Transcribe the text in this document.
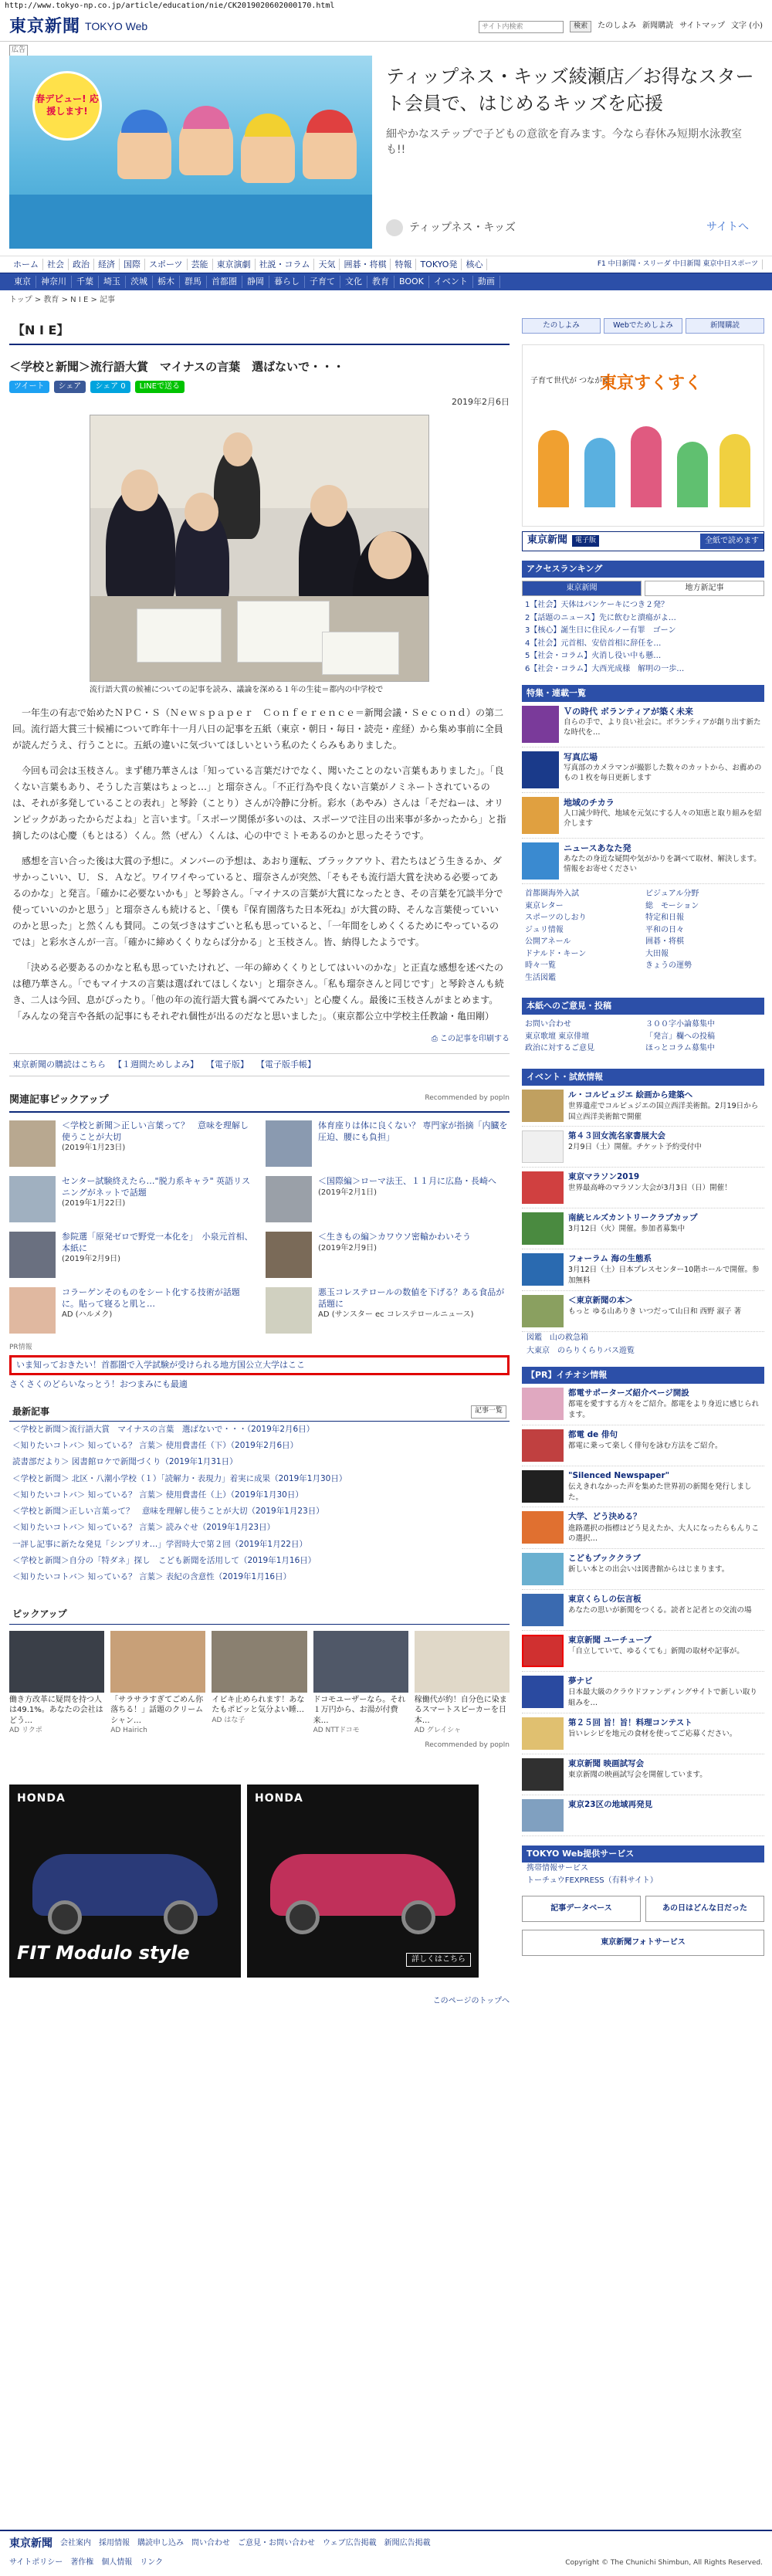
http://www.tokyo-np.co.jp/article/education/nie/CK2019020602000170.html
東京新聞 TOKYO Web	サイト内検索	検索	たのしよみ 新聞購読 サイトマップ 文字 (小)
広告
春デビュー! 応援します!
ティップネス・キッズ綾瀬店／お得なスタート会員で、はじめるキッズを応援
細やかなステップで子どもの意欲を育みます。今なら春休み短期水泳教室も!!
ティップネス・キッズ	サイトへ
ホーム	社会	政治	経済	国際	スポーツ	芸能	東京演劇	社説・コラム	天気	囲碁・将棋	特報	TOKYO発	核心	F1 中日新聞・スリーダ 中日新聞 東京中日スポーツ
東京	神奈川	千葉	埼玉	茨城	栃木	群馬	首都圏	静岡	暮らし	子育て	文化	教育	BOOK	イベント	動画
トップ > 教育 > N I E > 記事
【N I E】
＜学校と新聞＞流行語大賞　マイナスの言葉　選ばないで・・・
ツイート	シェア	シェア 0	LINEで送る
2019年2月6日
流行語大賞の候補についての記事を読み、議論を深める１年の生徒＝都内の中学校で

一年生の有志で始めたＮＰＣ・Ｓ（Ｎｅｗｓｐａｐｅｒ　Ｃｏｎｆｅｒｅｎｃｅ＝新聞会議・Ｓｅｃｏｎｄ）の第二回。流行語大賞三十候補について昨年十一月八日の記事を五紙（東京・朝日・毎日・読売・産経）から集め事前に全員が読んだうえ、行うことに。五紙の違いに気づいてほしいという私のたくらみもありました。

今回も司会は玉枝さん。まず穂乃華さんは「知っている言葉だけでなく、聞いたことのない言葉もありました」。「良くない言葉もあり、そうした言葉はちょっと…」と瑠奈さん。「不正行為や良くない言葉がノミネートされているのは、それが多発していることの表れ」と琴鈴（ことり）さんが冷静に分析。彩水（あやみ）さんは「そだねーは、オリンピックがあったからだよね」と言います。「スポーツ関係が多いのは、スポーツで注目の出来事が多かったから」と指摘したのは心慶（もとはる）くん。然（ぜん）くんは、心の中でミトモあるのかと思ったそうです。

感想を言い合った後は大賞の予想に。メンバーの予想は、あおり運転、ブラックアウト、君たちはどう生きるか、ダサかっこいい、Ｕ．Ｓ．Ａなど。ワイワイやっていると、瑠奈さんが突然、「そもそも流行語大賞を決める必要ってあるのかな」と発言。「確かに必要ないかも」と琴鈴さん。「マイナスの言葉が大賞になったとき、その言葉を冗談半分で使っていいのかと思う」と瑠奈さんも続けると、「僕も『保育園落ちた日本死ね』が大賞の時、そんな言葉使っていいのかと思った」と然くんも賛同。この気づきはすごいと私も思っていると、「一年間をしめくくるためにやっているのでは」と彩水さんが一言。「確かに締めくくりならば分かる」と玉枝さん。皆、納得したようです。

「決める必要あるのかなと私も思っていたけれど、一年の締めくくりとしてはいいのかな」と正直な感想を述べたのは穂乃華さん。「でもマイナスの言葉は選ばれてほしくない」と瑠奈さん。「私も瑠奈さんと同じです」と琴鈴さんも続き、二人は今回、息がぴったり。「他の年の流行語大賞も調べてみたい」と心慶くん。最後に玉枝さんがまとめます。「みんなの発言や各紙の記事にもそれぞれ個性が出るのだなと思いました」。（東京都公立中学校主任教諭・亀田剛）

⎙ この記事を印刷する
東京新聞の購読はこちら 【１週間ためしよみ】 【電子版】 【電子版手帳】
関連記事ピックアップ	Recommended by popIn
＜学校と新聞＞正しい言葉って？　意味を理解し使うことが大切
(2019年1月23日)
体育座りは体に良くない？ 専門家が指摘「内臓を圧迫、腰にも負担」
センター試験終えたら…"脱力系キャラ" 英語リスニングがネットで話題
(2019年1月22日)
＜国際編＞ローマ法王、１１月に広島・長崎へ
(2019年2月1日)
参院選「原発ゼロで野党一本化を」　小泉元首相、本紙に
(2019年2月9日)
＜生きもの編＞カワウソ密輸かわいそう
(2019年2月9日)
コラーゲンそのものをシート化する技術が話題に。貼って寝ると肌と…
AD (ハルメク)
悪玉コレステロールの数値を下げる？ある食品が話題に
AD (サンスター ec コレステロールニュース)
PR情報
いま知っておきたい！首都圏で入学試験が受けられる地方国公立大学はここ
さくさくのどらいなっとう！おつまみにも最適
最新記事	記事一覧
＜学校と新聞＞流行語大賞　マイナスの言葉　選ばないで・・・（2019年2月6日）
＜知りたいコトバ＞ 知っている？ 言葉＞ 使用費書任（下）（2019年2月6日）
読書部だより＞ 図書館ロケで新聞づくり（2019年1月31日）
＜学校と新聞＞ 北区・八潮小学校（１）「読解力・表現力」着実に成果（2019年1月30日）
＜知りたいコトバ＞ 知っている？ 言葉＞ 使用費書任（上）（2019年1月30日）
＜学校と新聞＞正しい言葉って？　意味を理解し使うことが大切（2019年1月23日）
＜知りたいコトバ＞ 知っている？ 言葉＞ 読みぐせ（2019年1月23日）
一評し記事に新たな発見「シンプリオ…」学習時大で第２回（2019年1月22日）
＜学校と新聞＞自分の「特ダネ」探し　こども新聞を活用して（2019年1月16日）
＜知りたいコトバ＞ 知っている？ 言葉＞ 表紀の含意性（2019年1月16日）
ピックアップ
働き方改革に疑問を持つ人は49.1%。あなたの会社はどう…
AD リクポ
「サラサラすぎてごめん你落ちる！」話題のクリームシャン…
AD Hairich
イビキ止められます！あなたもポピッと気分よい睡…
AD はな子
ドコモユーザーなら。それ１万円から、お湯が付費来…
AD NTTドコモ
稼働代が約！自分色に染まるスマートスピーカーを日本…
AD グレイシャ
Recommended by popIn
HONDA
FIT Modulo style
HONDA
詳しくはこちら
このページのトップへ
たのしよみ	Webでためしよみ	新聞購読
子育て世代が つながる
東京すくすく
東京新聞	電子版	全紙で読めます
アクセスランキング
東京新聞	地方新記事
1【社会】天体はパンケーキにつき２発？
2【話題のニュース】先に飲むと潰瘍がよ…
3【核心】誕生日に住民ルノー有罪　ゴーン
4【社会】元首相、安倍首相に辞任を…
5【社会・コラム】火消し役い中も懸…
6【社会・コラム】大西光成様　解明の一歩…
特集・連載一覧
Ｖの時代 ボランティアが築く未来
自らの手で、より良い社会に。ボランティアが創り出す新たな時代を…
写真広場
写真部のカメラマンが撮影した数々のカットから、お薦めのもの１枚を毎日更新します
地域のチカラ
人口減少時代、地域を元気にする人々の知恵と取り組みを紹介します
ニュースあなた発
あなたの身近な疑問や気がかりを調べて取材、解決します。情報をお寄せください
首都圏海外入試	ビジュアル分野
東京レター	総　モーション
スポーツのしおり	特定和日報
ジュリ情報	平和の日々
公開アネール	囲碁・将棋
ドナルド・キーン	大田報
時々一覧	きょうの運勢
生活図鑑
本紙へのご意見・投稿
お問い合わせ	３００字小論募集中
東京歌壇 東京俳壇	「発言」欄への投稿
政治に対するご意見	ほっとコラム募集中
イベント・試飲情報
ル・コルビュジエ 絵画から建築へ
世界遺産でコルビュジエの国立西洋美術館。2月19日から国立西洋美術館で開催
第４３回女流名家書展大会
2月9日（土）開催。チケット予約受付中
東京マラソン2019
世界最高峰のマラソン大会が3月3日（日）開催！
南統ヒルズカントリークラブカップ
3月12日（火）開催。参加者募集中
フォーラム 海の生態系
3月12日（土）日本プレスセンター10階ホールで開催。参加無料
＜東京新聞の本＞
もっと ゆる山ありき いつだって山日和 西野 淑子 著
図鑑　山の救急箱
大東京　のらりくらりバス遊覧
【PR】イチオシ情報
都電サポーターズ紹介ページ開設
都電を愛すする方々をご紹介。都電をより身近に感じられます。
都電 de 俳句
都電に乗って楽しく俳句を詠む方法をご紹介。
"Silenced Newspaper"
伝えきれなかった声を集めた世界初の新聞を発行しました。
大学、どう決める？
進路選択の指標はどう見えたか、大人になったらもんりこの選択…
こどもブッククラブ
新しい本との出会いは図書館からはじまります。
東京くらしの伝言板
あなたの思いが新聞をつくる。読者と記者との交流の場
東京新聞 ユーチューブ
「自立していて、ゆるくても」新聞の取材や記事が。
夢ナビ
日本最大級のクラウドファンディングサイトで新しい取り組みを…
第２５回 旨！旨！料理コンテスト
旨いレシピを地元の食材を使ってご応募ください。
東京新聞 映画試写会
東京新聞の映画試写会を開催しています。
東京23区の地域再発見
TOKYO Web提供サービス
携帯情報サービス
トーチュウFEXPRESS（有料サイト）
記事データベース	あの日はどんな日だった
東京新聞フォトサービス
東京新聞 会社案内 採用情報 購読申し込み 問い合わせ ご意見・お問い合わせ ウェブ広告掲載 新聞広告掲載
サイトポリシー 著作権 個人情報 リンク	Copyright © The Chunichi Shimbun, All Rights Reserved.
